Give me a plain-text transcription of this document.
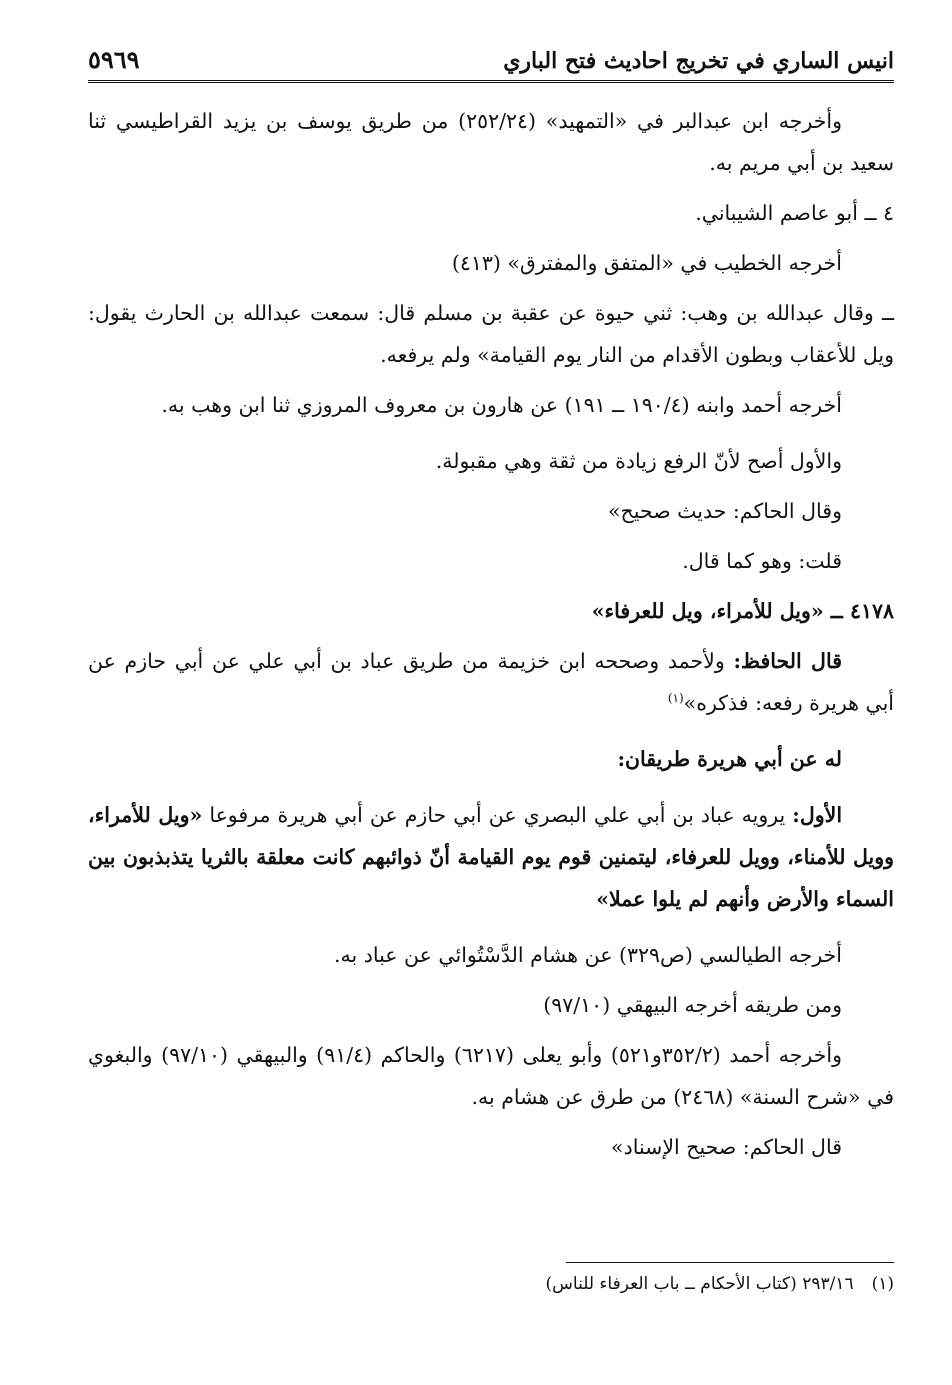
انيس الساري في تخريج احاديث فتح الباري
٥٩٦٩

وأخرجه ابن عبدالبر في «التمهيد» (٢٥٢/٢٤) من طريق يوسف بن يزيد القراطيسي ثنا سعيد بن أبي مريم به.

٤ ــ أبو عاصم الشيباني.

أخرجه الخطيب في «المتفق والمفترق» (٤١٣)

ــ وقال عبدالله بن وهب: ثني حيوة عن عقبة بن مسلم قال: سمعت عبدالله بن الحارث يقول: ويل للأعقاب وبطون الأقدام من النار يوم القيامة» ولم يرفعه.

أخرجه أحمد وابنه (١٩٠/٤ ــ ١٩١) عن هارون بن معروف المروزي ثنا ابن وهب به.

والأول أصح لأنّ الرفع زيادة من ثقة وهي مقبولة.

وقال الحاكم: حديث صحيح»

قلت: وهو كما قال.

٤١٧٨ ــ «ويل للأمراء، ويل للعرفاء»

قال الحافظ: ولأحمد وصححه ابن خزيمة من طريق عباد بن أبي علي عن أبي حازم عن أبي هريرة رفعه: فذكره»$^{(١)}$

له عن أبي هريرة طريقان:

الأول: يرويه عباد بن أبي علي البصري عن أبي حازم عن أبي هريرة مرفوعا «ويل للأمراء، وويل للأمناء، وويل للعرفاء، ليتمنين قوم يوم القيامة أنّ ذوائبهم كانت معلقة بالثريا يتذبذبون بين السماء والأرض وأنهم لم يلوا عملا»

أخرجه الطيالسي (ص٣٢٩) عن هشام الدَّسْتُوائي عن عباد به.

ومن طريقه أخرجه البيهقي (٩٧/١٠)

وأخرجه أحمد (٣٥٢/٢و٥٢١) وأبو يعلى (٦٢١٧) والحاكم (٩١/٤) والبيهقي (٩٧/١٠) والبغوي في «شرح السنة» (٢٤٦٨) من طرق عن هشام به.

قال الحاكم: صحيح الإسناد»

(١)٢٩٣/١٦ (كتاب الأحكام ــ باب العرفاء للناس)
